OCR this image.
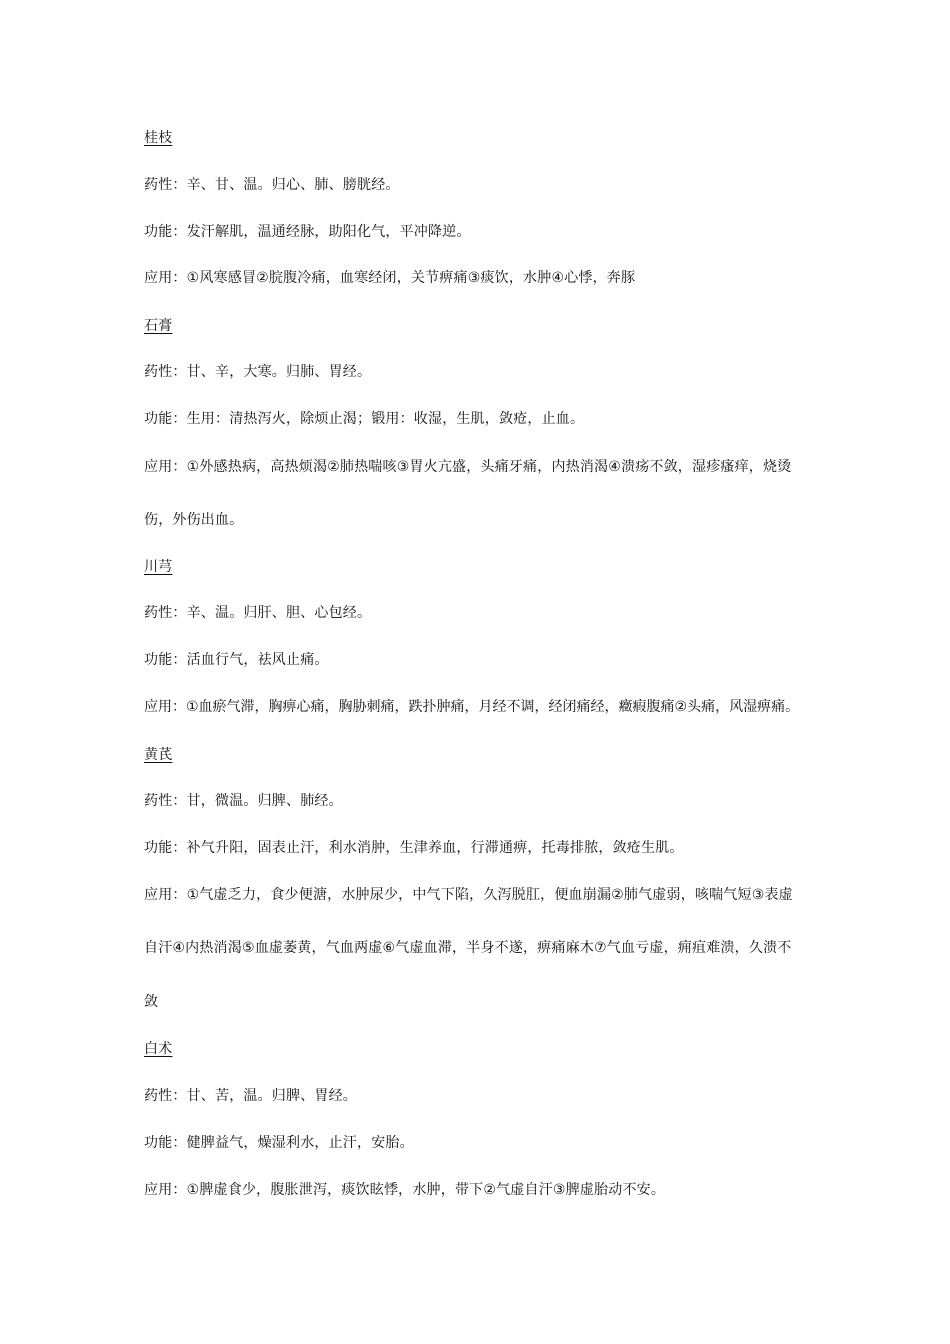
桂枝
药性：辛、甘、温。归心、肺、膀胱经。
功能：发汗解肌，温通经脉，助阳化气，平冲降逆。
应用：①风寒感冒②脘腹冷痛，血寒经闭，关节痹痛③痰饮，水肿④心悸，奔豚
石膏
药性：甘、辛，大寒。归肺、胃经。
功能：生用：清热泻火，除烦止渴；锻用：收湿，生肌，敛疮，止血。
应用：①外感热病，高热烦渴②肺热喘咳③胃火亢盛，头痛牙痛，内热消渴④溃疡不敛，湿疹瘙痒，烧烫
伤，外伤出血。
川芎
药性：辛、温。归肝、胆、心包经。
功能：活血行气，祛风止痛。
应用：①血瘀气滞，胸痹心痛，胸胁刺痛，跌扑肿痛，月经不调，经闭痛经，癥瘕腹痛②头痛，风湿痹痛。
黄芪
药性：甘，微温。归脾、肺经。
功能：补气升阳，固表止汗，利水消肿，生津养血，行滞通痹，托毒排脓，敛疮生肌。
应用：①气虚乏力，食少便溏，水肿尿少，中气下陷，久泻脱肛，便血崩漏②肺气虚弱，咳喘气短③表虚
自汗④内热消渴⑤血虚萎黄，气血两虚⑥气虚血滞，半身不遂，痹痛麻木⑦气血亏虚，痈疽难溃，久溃不
敛
白术
药性：甘、苦，温。归脾、胃经。
功能：健脾益气，燥湿利水，止汗，安胎。
应用：①脾虚食少，腹胀泄泻，痰饮眩悸，水肿，带下②气虚自汗③脾虚胎动不安。
